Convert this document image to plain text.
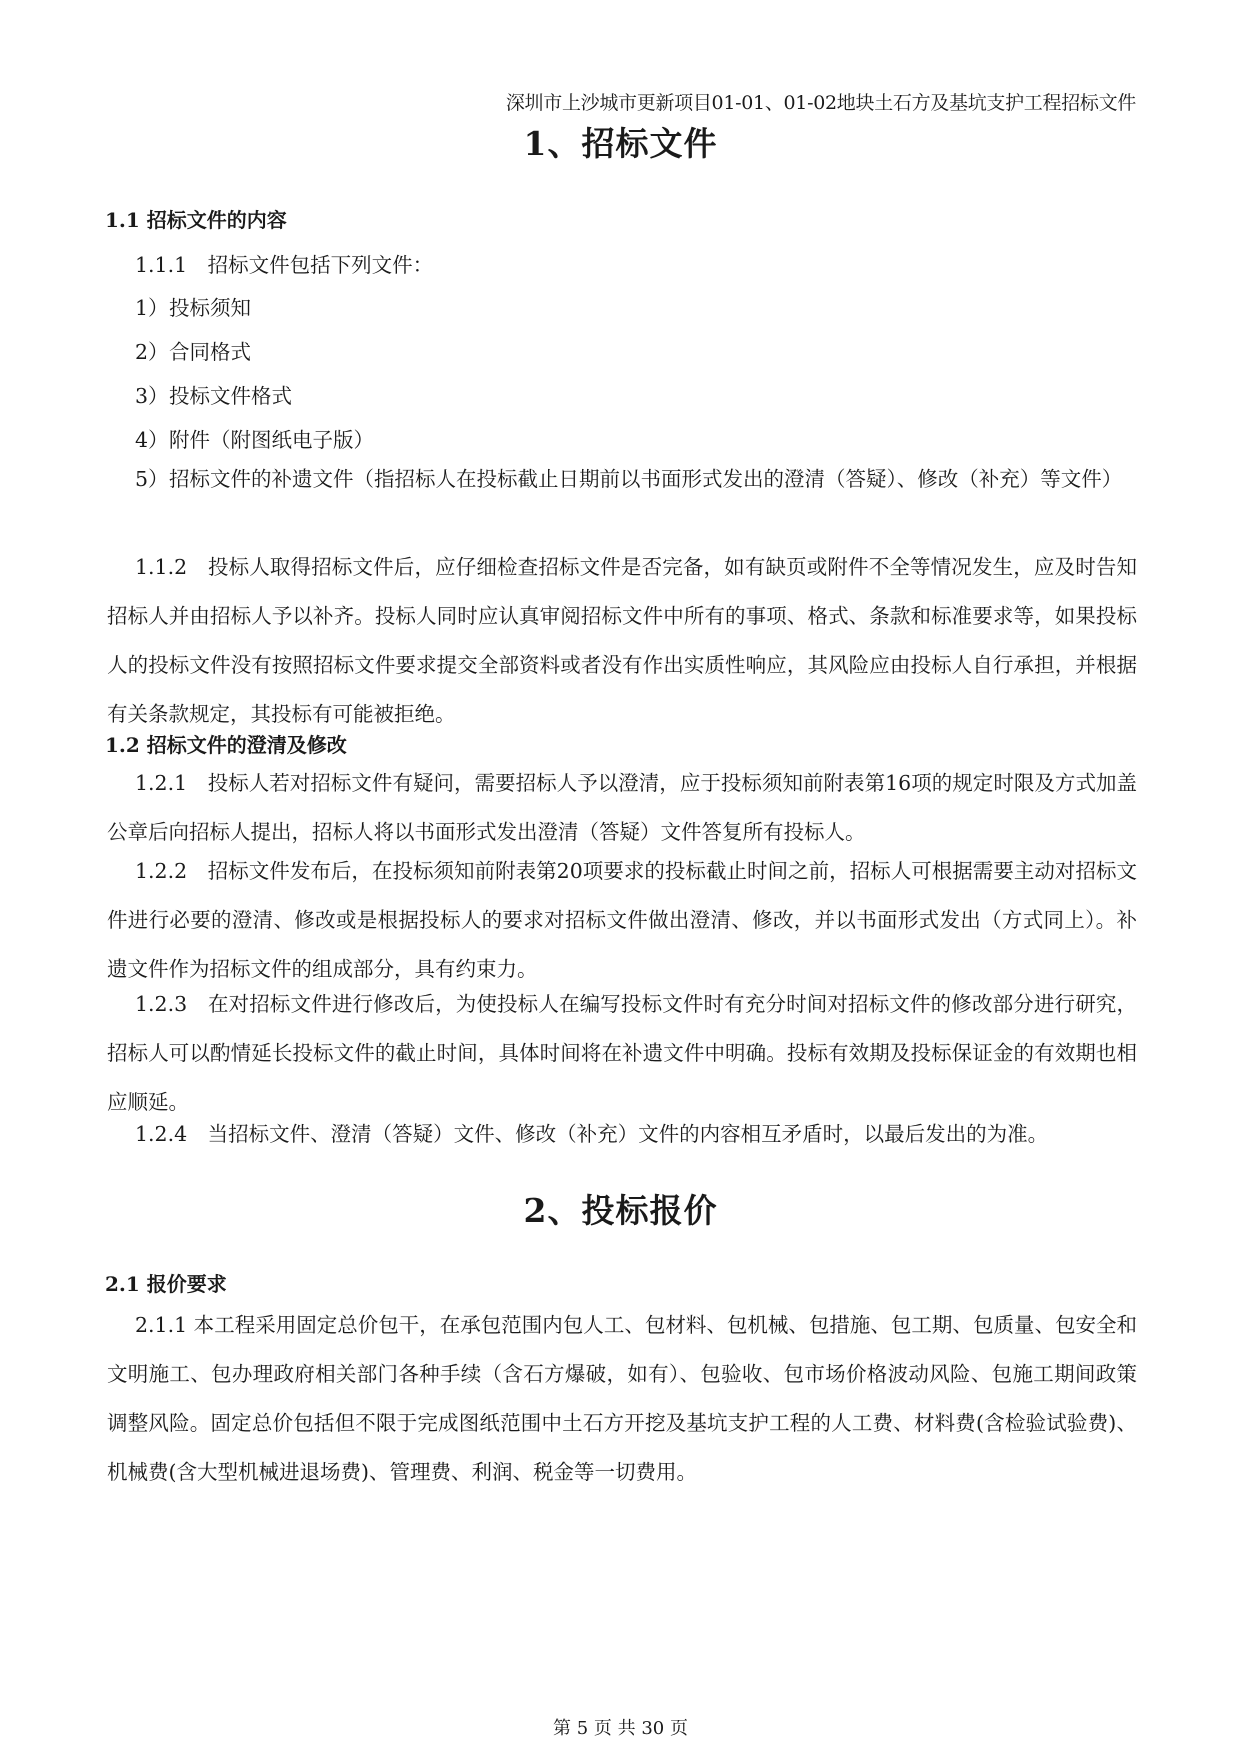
深圳市上沙城市更新项目01-01、01-02地块土石方及基坑支护工程招标文件
1、招标文件
1.1 招标文件的内容
1.1.1　招标文件包括下列文件：
1）投标须知
2）合同格式
3）投标文件格式
4）附件（附图纸电子版）
5） 招标文件的补遗文件（指招标人在投标截止日期前以书面形式发出的澄清（答疑）、修改（补充）等文件）
1.1.2　投标人取得招标文件后，应仔细检查招标文件是否完备，如有缺页或附件不全等情况发生，应及时告知招标人并由招标人予以补齐。投标人同时应认真审阅招标文件中所有的事项、格式、条款和标准要求等，如果投标人的投标文件没有按照招标文件要求提交全部资料或者没有作出实质性响应，其风险应由投标人自行承担，并根据有关条款规定，其投标有可能被拒绝。
1.2 招标文件的澄清及修改
1.2.1　投标人若对招标文件有疑问，需要招标人予以澄清，应于投标须知前附表第16项的规定时限及方式加盖公章后向招标人提出，招标人将以书面形式发出澄清（答疑）文件答复所有投标人。
1.2.2　招标文件发布后，在投标须知前附表第20项要求的投标截止时间之前，招标人可根据需要主动对招标文件进行必要的澄清、修改或是根据投标人的要求对招标文件做出澄清、修改，并以书面形式发出（方式同上）。补遗文件作为招标文件的组成部分，具有约束力。
1.2.3　在对招标文件进行修改后，为使投标人在编写投标文件时有充分时间对招标文件的修改部分进行研究，招标人可以酌情延长投标文件的截止时间，具体时间将在补遗文件中明确。投标有效期及投标保证金的有效期也相应顺延。
1.2.4　当招标文件、澄清（答疑）文件、修改（补充）文件的内容相互矛盾时，以最后发出的为准。
2、投标报价
2.1 报价要求
2.1.1 本工程采用固定总价包干，在承包范围内包人工、包材料、包机械、包措施、包工期、包质量、包安全和文明施工、包办理政府相关部门各种手续（含石方爆破，如有）、包验收、包市场价格波动风险、包施工期间政策调整风险。固定总价包括但不限于完成图纸范围中土石方开挖及基坑支护工程的人工费、材料费(含检验试验费)、机械费(含大型机械进退场费)、管理费、利润、税金等一切费用。
第 5 页 共 30 页
